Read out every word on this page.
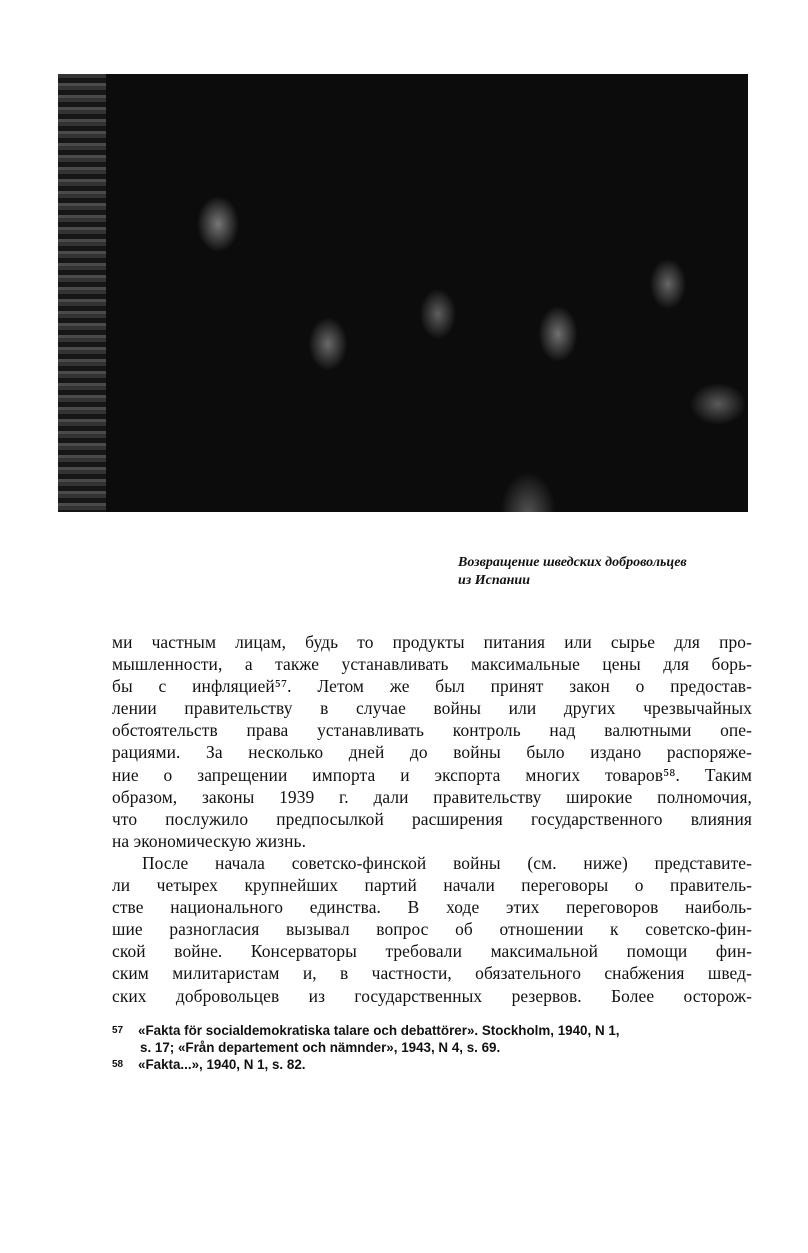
Возвращение шведских добровольцев
из Испании
ми частным лицам, будь то продукты питания или сырье для про-
мышленности, а также устанавливать максимальные цены для борь-
бы с инфляцией⁵⁷. Летом же был принят закон о предостав-
лении правительству в случае войны или других чрезвычайных
обстоятельств права устанавливать контроль над валютными опе-
рациями. За несколько дней до войны было издано распоряже-
ние о запрещении импорта и экспорта многих товаров⁵⁸. Таким
образом, законы 1939 г. дали правительству широкие полномочия,
что послужило предпосылкой расширения государственного влияния
на экономическую жизнь.
После начала советско-финской войны (см. ниже) представите-
ли четырех крупнейших партий начали переговоры о правитель-
стве национального единства. В ходе этих переговоров наиболь-
шие разногласия вызывал вопрос об отношении к советско-фин-
ской войне. Консерваторы требовали максимальной помощи фин-
ским милитаристам и, в частности, обязательного снабжения швед-
ских добровольцев из государственных резервов. Более осторож-
57 «Fakta för socialdemokratiska talare och debattörer». Stockholm, 1940, N 1,
s. 17; «Från departement och nämnder», 1943, N 4, s. 69.
58 «Fakta...», 1940, N 1, s. 82.
